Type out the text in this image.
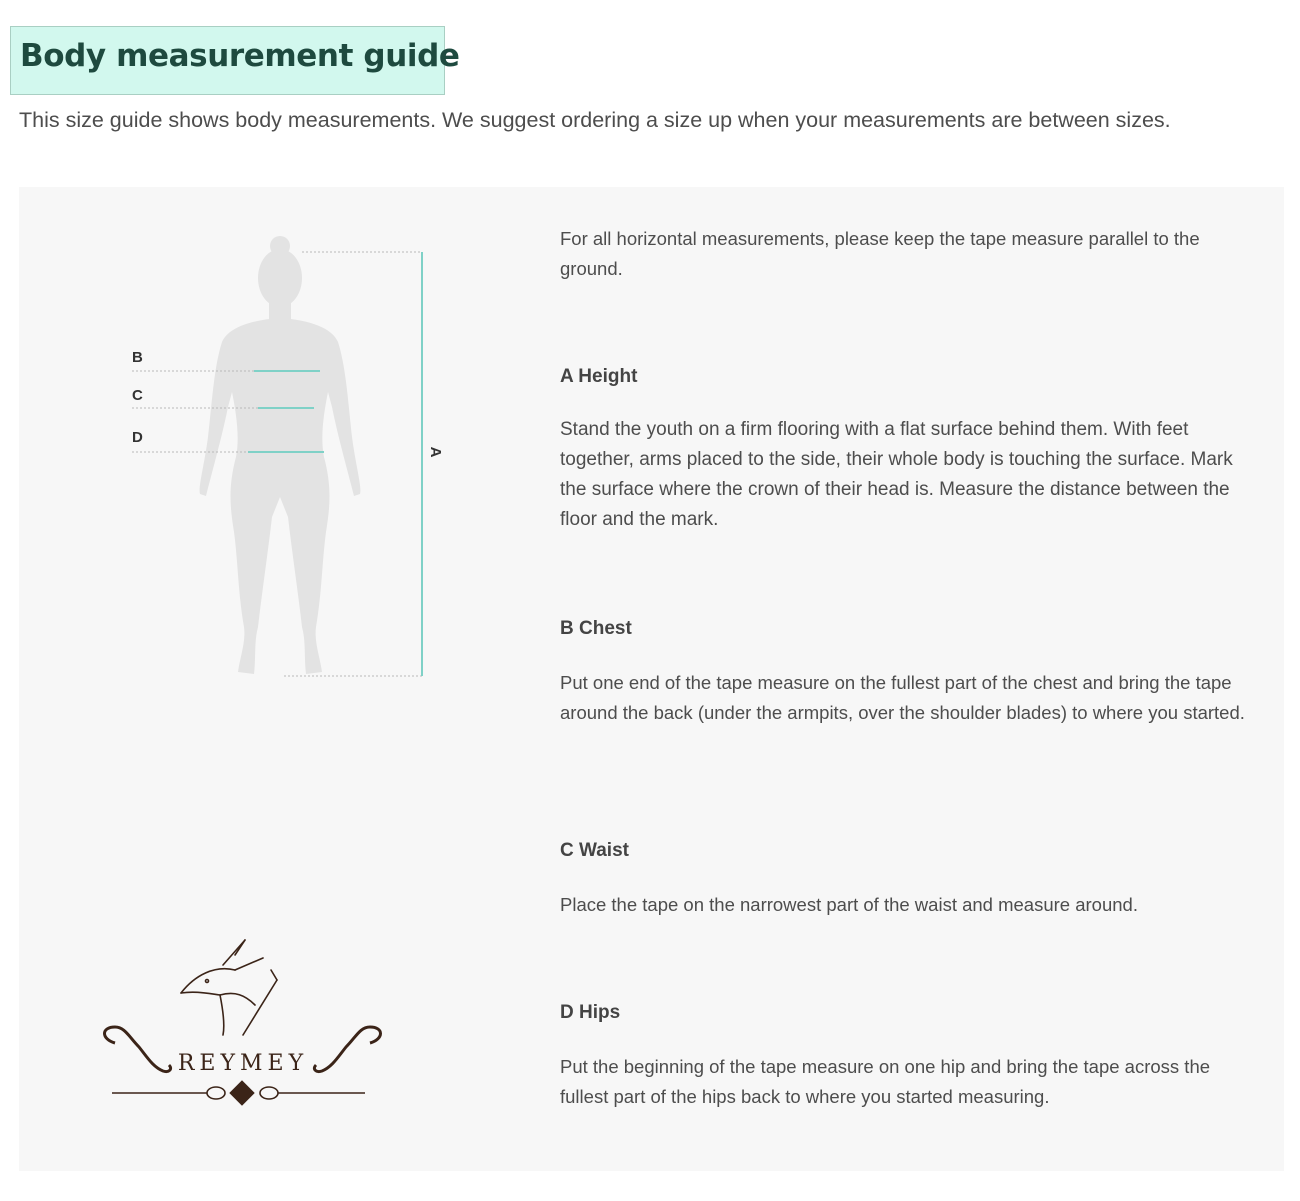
Body measurement guide

This size guide shows body measurements. We suggest ordering a size up when your measurements are between sizes.

A
B
C
D
REYMEY

For all horizontal measurements, please keep the tape measure parallel to the ground.

A Height

Stand the youth on a firm flooring with a flat surface behind them. With feet together, arms placed to the side, their whole body is touching the surface. Mark the surface where the crown of their head is. Measure the distance between the floor and the mark.

B Chest

Put one end of the tape measure on the fullest part of the chest and bring the tape around the back (under the armpits, over the shoulder blades) to where you started.

C Waist

Place the tape on the narrowest part of the waist and measure around.

D Hips

Put the beginning of the tape measure on one hip and bring the tape across the fullest part of the hips back to where you started measuring.
